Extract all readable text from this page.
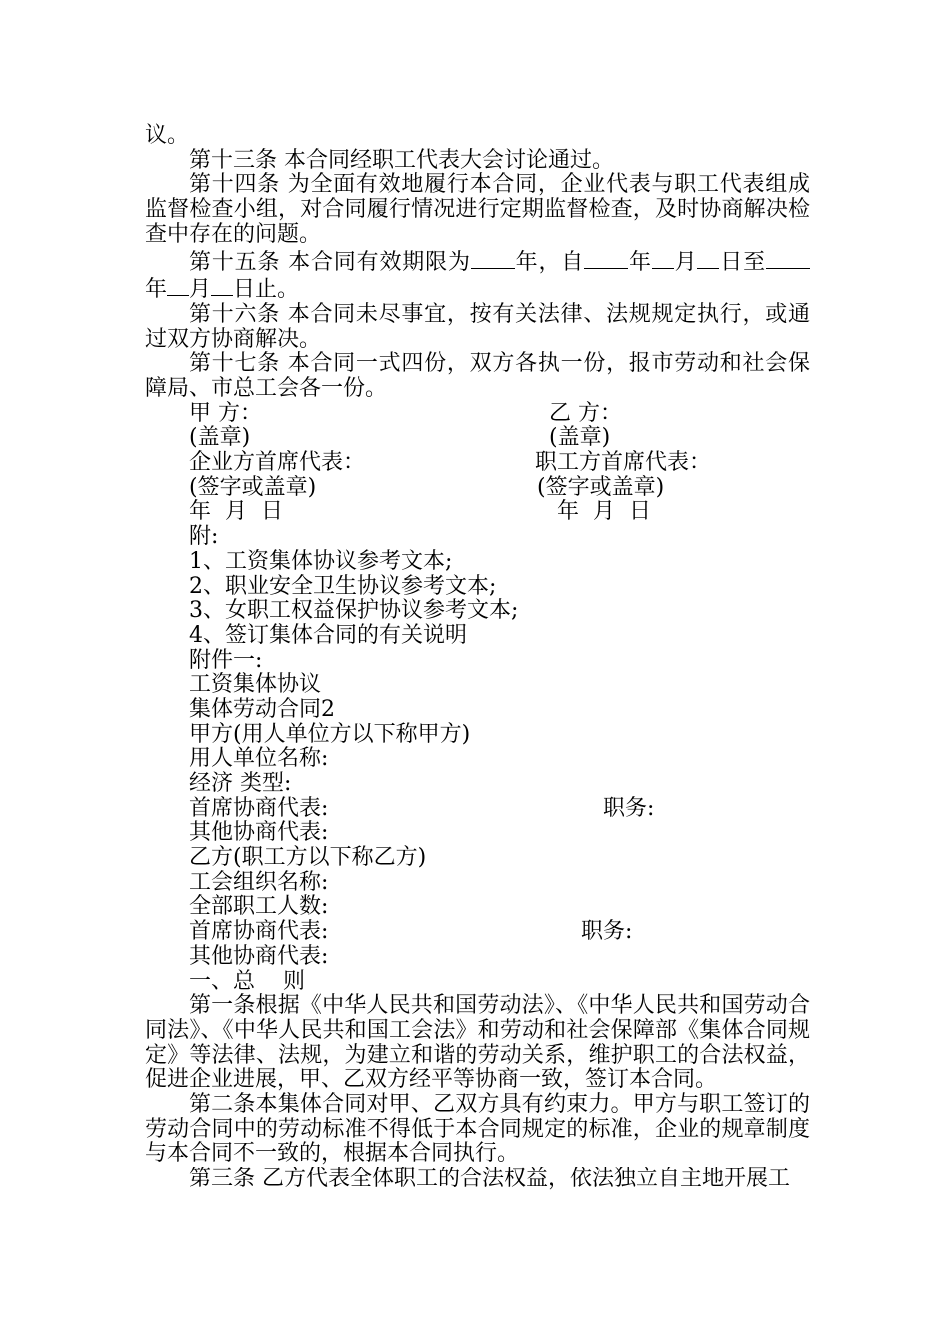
议。

第十三条 本合同经职工代表大会讨论通过。

第十四条 为全面有效地履行本合同，企业代表与职工代表组成监督检查小组，对合同履行情况进行定期监督检查，及时协商解决检查中存在的问题。

第十五条 本合同有效期限为 年，自 年 月 日至年 月 日止。

第十六条 本合同未尽事宜，按有关法律、法规规定执行，或通过双方协商解决。

第十七条 本合同一式四份，双方各执一份，报市劳动和社会保障局、市总工会各一份。

甲 方：	乙 方：
(盖章)	(盖章)
企业方首席代表：	职工方首席代表：
(签字或盖章)	(签字或盖章)
年  月  日	年  月  日

附:

1、工资集体协议参考文本;

2、职业安全卫生协议参考文本;

3、女职工权益保护协议参考文本;

4、签订集体合同的有关说明

附件一:

工资集体协议

集体劳动合同2

甲方(用人单位方以下称甲方)

用人单位名称:

经济 类型:

首席协商代表:	职务:

其他协商代表:

乙方(职工方以下称乙方)

工会组织名称:

全部职工人数:

首席协商代表:	职务:

其他协商代表:

一、总    则

第一条根据《中华人民共和国劳动法》、《中华人民共和国劳动合同法》、《中华人民共和国工会法》和劳动和社会保障部《集体合同规定》等法律、法规，为建立和谐的劳动关系，维护职工的合法权益，促进企业进展，甲、乙双方经平等协商一致，签订本合同。

第二条本集体合同对甲、乙双方具有约束力。甲方与职工签订的劳动合同中的劳动标准不得低于本合同规定的标准，企业的规章制度与本合同不一致的，根据本合同执行。

第三条 乙方代表全体职工的合法权益，依法独立自主地开展工
